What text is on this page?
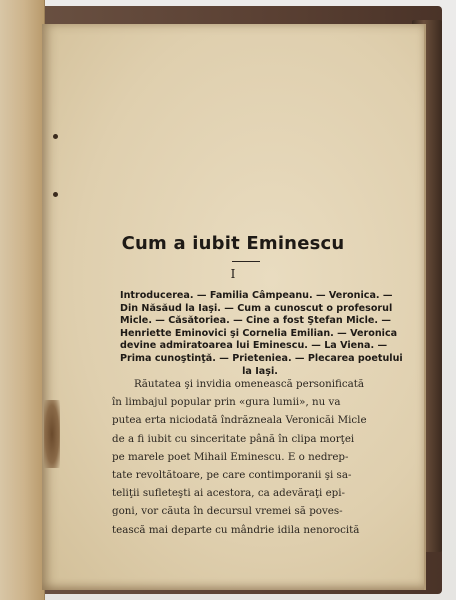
Cum a iubit Eminescu
I
Introducerea. — Familia Câmpeanu. — Veronica. —
Din Năsăud la Iaşi. — Cum a cunoscut o profesorul
Micle. — Căsătoriea. — Cine a fost Ştefan Micle. —
Henriette Eminovici şi Cornelia Emilian. — Veronica
devine admiratoarea lui Eminescu. — La Viena. —
Prima cunoştinţă. — Prieteniea. — Plecarea poetului
la Iaşi.
Răutatea şi invidia omenească personificată
în limbajul popular prin «gura lumii», nu va
putea erta niciodată îndrăzneala Veronicăi Micle
de a fi iubit cu sinceritate până în clipa morţei
pe marele poet Mihail Eminescu. E o nedrep-
tate revoltătoare, pe care contimporanii şi sa-
teliţii sufleteşti ai acestora, ca adevăraţi epi-
goni, vor căuta în decursul vremei să poves-
tească mai departe cu mândrie idila nenorocită
